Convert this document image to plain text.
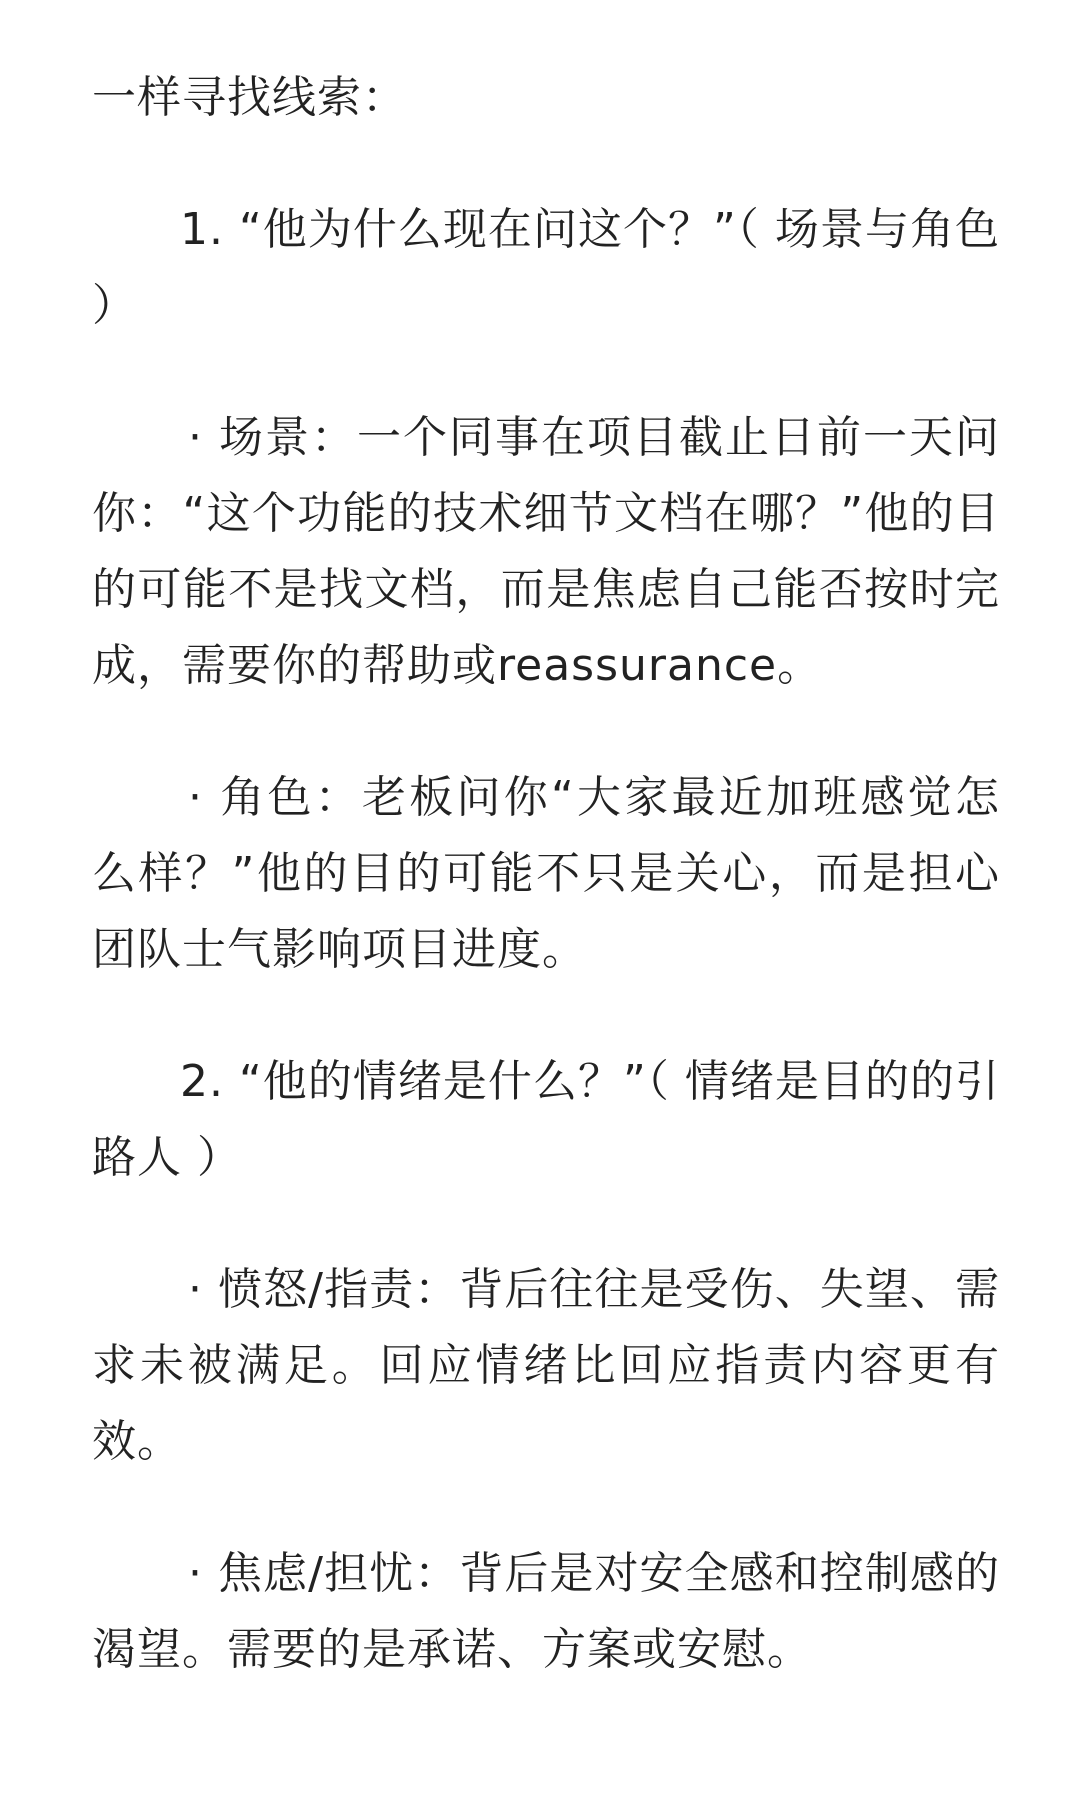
一样寻找线索：

1. “他为什么现在问这个？”（ 场景与角色 ）

· 场景：一个同事在项目截止日前一天问你：“这个功能的技术细节文档在哪？”他的目的可能不是找文档，而是焦虑自己能否按时完成，需要你的帮助或reassurance。

· 角色：老板问你“大家最近加班感觉怎么样？”他的目的可能不只是关心，而是担心团队士气影响项目进度。

2. “他的情绪是什么？”（ 情绪是目的的引路人 ）

· 愤怒/指责：背后往往是受伤、失望、需求未被满足。回应情绪比回应指责内容更有效。

· 焦虑/担忧：背后是对安全感和控制感的渴望。需要的是承诺、方案或安慰。
